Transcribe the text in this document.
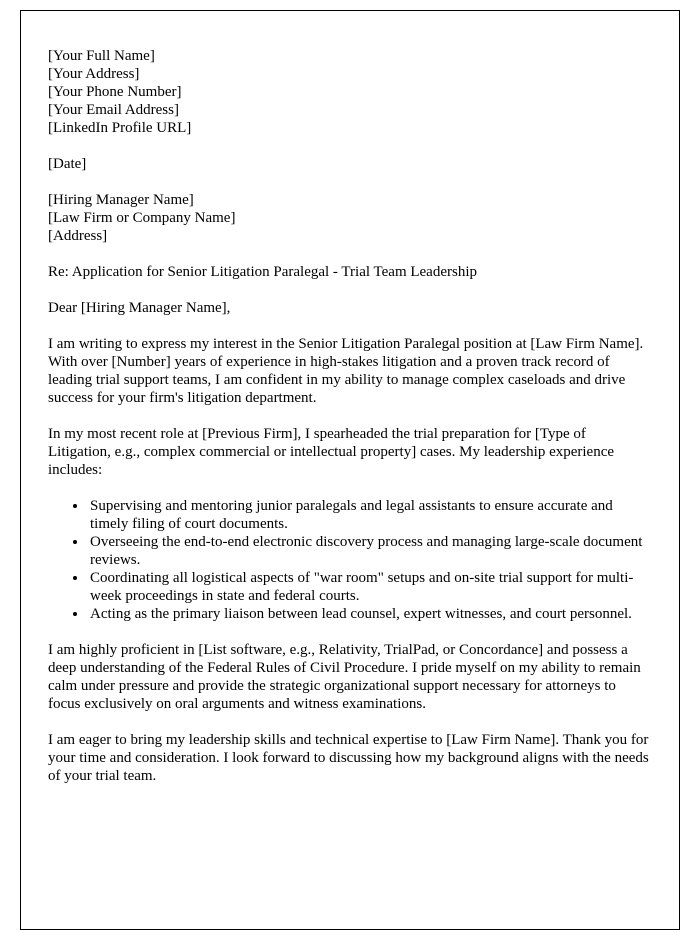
[Your Full Name]
[Your Address]
[Your Phone Number]
[Your Email Address]
[LinkedIn Profile URL]
[Date]
[Hiring Manager Name]
[Law Firm or Company Name]
[Address]
Re: Application for Senior Litigation Paralegal - Trial Team Leadership
Dear [Hiring Manager Name],
I am writing to express my interest in the Senior Litigation Paralegal position at [Law Firm Name]. With over [Number] years of experience in high-stakes litigation and a proven track record of leading trial support teams, I am confident in my ability to manage complex caseloads and drive success for your firm's litigation department.
In my most recent role at [Previous Firm], I spearheaded the trial preparation for [Type of Litigation, e.g., complex commercial or intellectual property] cases. My leadership experience includes:
• Supervising and mentoring junior paralegals and legal assistants to ensure accurate and timely filing of court documents.
• Overseeing the end-to-end electronic discovery process and managing large-scale document reviews.
• Coordinating all logistical aspects of "war room" setups and on-site trial support for multi-week proceedings in state and federal courts.
• Acting as the primary liaison between lead counsel, expert witnesses, and court personnel.
I am highly proficient in [List software, e.g., Relativity, TrialPad, or Concordance] and possess a deep understanding of the Federal Rules of Civil Procedure. I pride myself on my ability to remain calm under pressure and provide the strategic organizational support necessary for attorneys to focus exclusively on oral arguments and witness examinations.
I am eager to bring my leadership skills and technical expertise to [Law Firm Name]. Thank you for your time and consideration. I look forward to discussing how my background aligns with the needs of your trial team.
